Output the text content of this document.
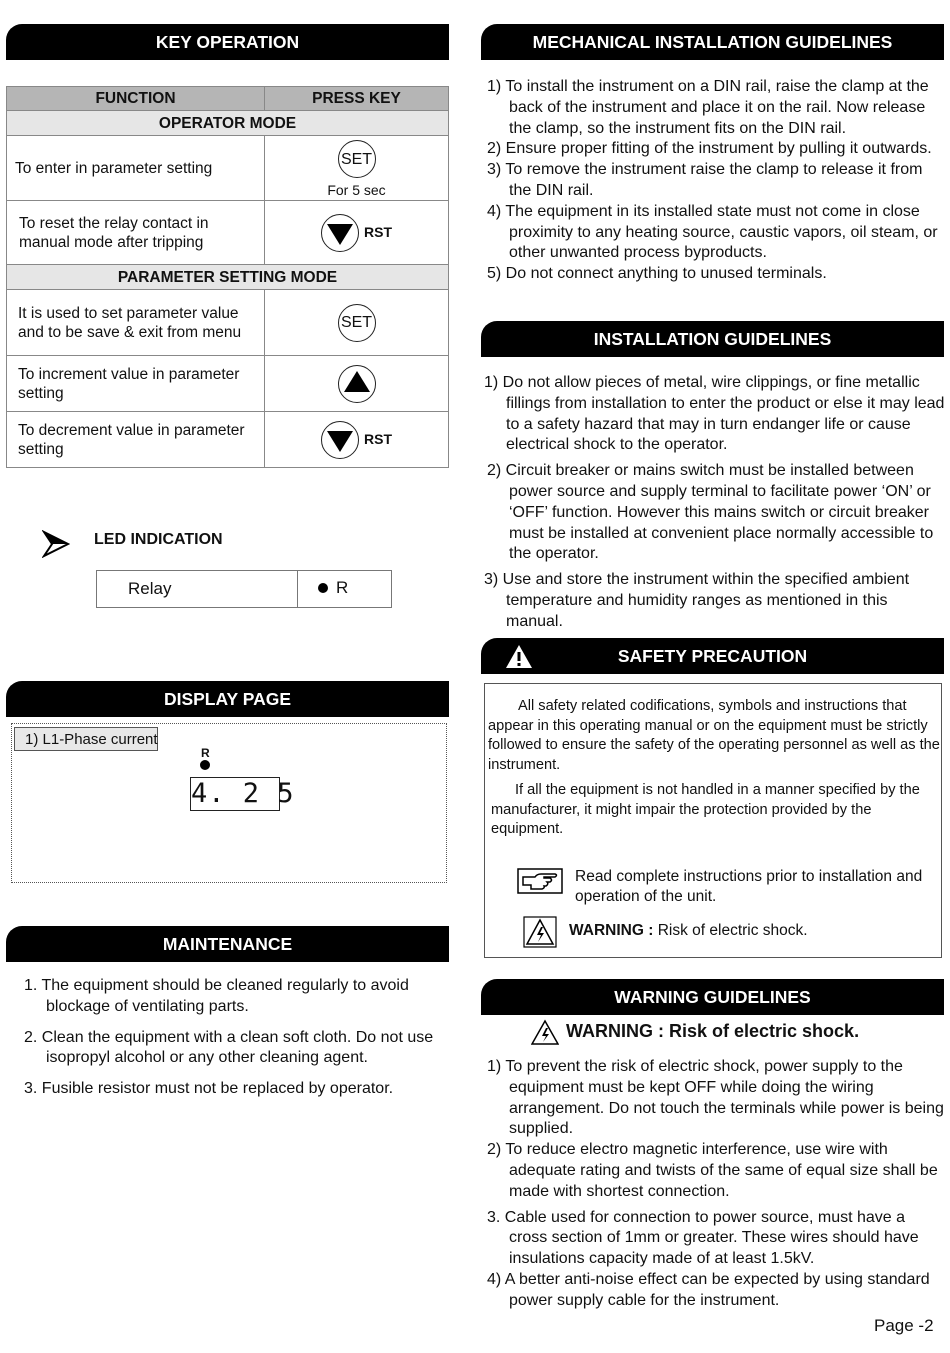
KEY OPERATION
FUNCTION	PRESS KEY
OPERATOR MODE	
To enter in parameter setting	SET
For 5 sec

To reset the relay contact in manual mode after tripping	RST
PARAMETER SETTING MODE	
It is used to set parameter value and to be save & exit from menu	SET
To increment value in parameter setting	

To decrement value in parameter setting	RST
LED INDICATION
Relay	R
DISPLAY PAGE
1) L1-Phase current
R
4. 2 5
MAINTENANCE
1. The equipment should be cleaned regularly to avoid blockage of ventilating parts.
2. Clean the equipment with a clean soft cloth. Do not use isopropyl alcohol or any other cleaning agent.
3. Fusible resistor must not be replaced by operator.
MECHANICAL INSTALLATION GUIDELINES
1) To install the instrument on a DIN rail, raise the clamp at the back of the instrument and place it on the rail. Now release the clamp, so the instrument fits on the DIN rail.
2) Ensure proper fitting of the instrument by pulling it outwards.
3) To remove the instrument raise the clamp to release it from the DIN rail.
4) The equipment in its installed state must not come in close proximity to any heating source, caustic vapors, oil steam, or other unwanted process byproducts.
5) Do not connect anything to unused terminals.
INSTALLATION GUIDELINES
1) Do not allow pieces of metal, wire clippings, or fine metallic fillings from installation to enter the product or else it may lead to a safety hazard that may in turn endanger life or cause electrical shock to the operator.
2) Circuit breaker or mains switch must be installed between power source and supply terminal to facilitate power ‘ON’ or ‘OFF’ function. However this mains switch or circuit breaker must be installed at convenient place normally accessible to the operator.
3) Use and store the instrument within the specified ambient temperature and humidity ranges as mentioned in this manual.
SAFETY PRECAUTION
All safety related codifications, symbols and instructions that appear in this operating manual or on the equipment must be strictly followed to ensure the safety of the operating personnel as well as the instrument.
If all the equipment is not handled in a manner specified by the manufacturer, it might impair the protection provided by the equipment.
Read complete instructions prior to installation and operation of the unit.
WARNING : Risk of electric shock.
WARNING GUIDELINES
WARNING : Risk of electric shock.
1) To prevent the risk of electric shock, power supply to the equipment must be kept OFF while doing the wiring arrangement. Do not touch the terminals while power is being supplied.
2) To reduce electro magnetic interference, use wire with adequate rating and twists of the same of equal size shall be made with shortest connection.
3. Cable used for connection to power source, must have a cross section of 1mm or greater. These wires should have insulations capacity made of at least 1.5kV.
4) A better anti-noise effect can be expected by using standard power supply cable for the instrument.
Page -2
